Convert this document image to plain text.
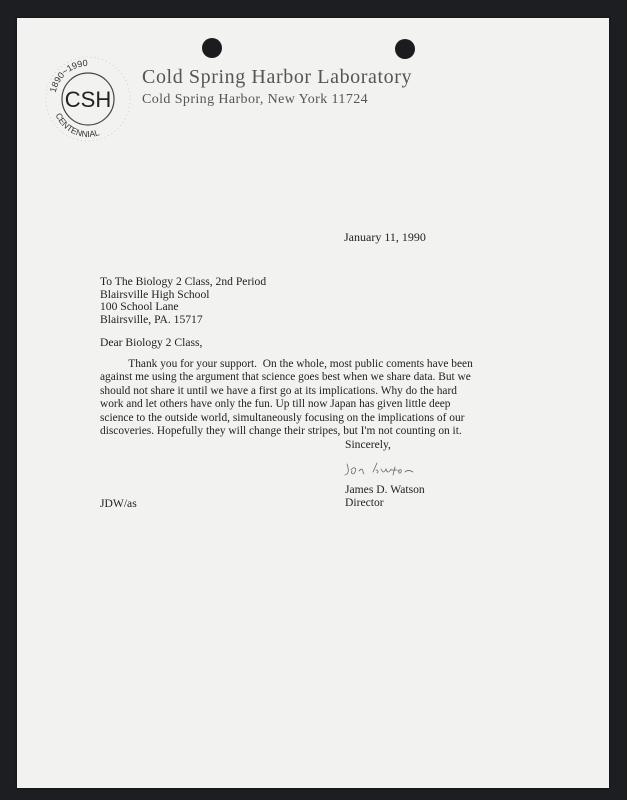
1890~1990
CSH
CENTENNIAL
Cold Spring Harbor Laboratory
Cold Spring Harbor, New York 11724
January 11, 1990
To The Biology 2 Class, 2nd Period
Blairsville High School
100 School Lane
Blairsville, PA. 15717
Dear Biology 2 Class,
Thank you for your support.  On the whole, most public coments have been
against me using the argument that science goes best when we share data. But we
should not share it until we have a first go at its implications. Why do the hard
work and let others have only the fun. Up till now Japan has given little deep
science to the outside world, simultaneously focusing on the implications of our
discoveries. Hopefully they will change their stripes, but I'm not counting on it.
Sincerely,
James D. Watson
Director
JDW/as
